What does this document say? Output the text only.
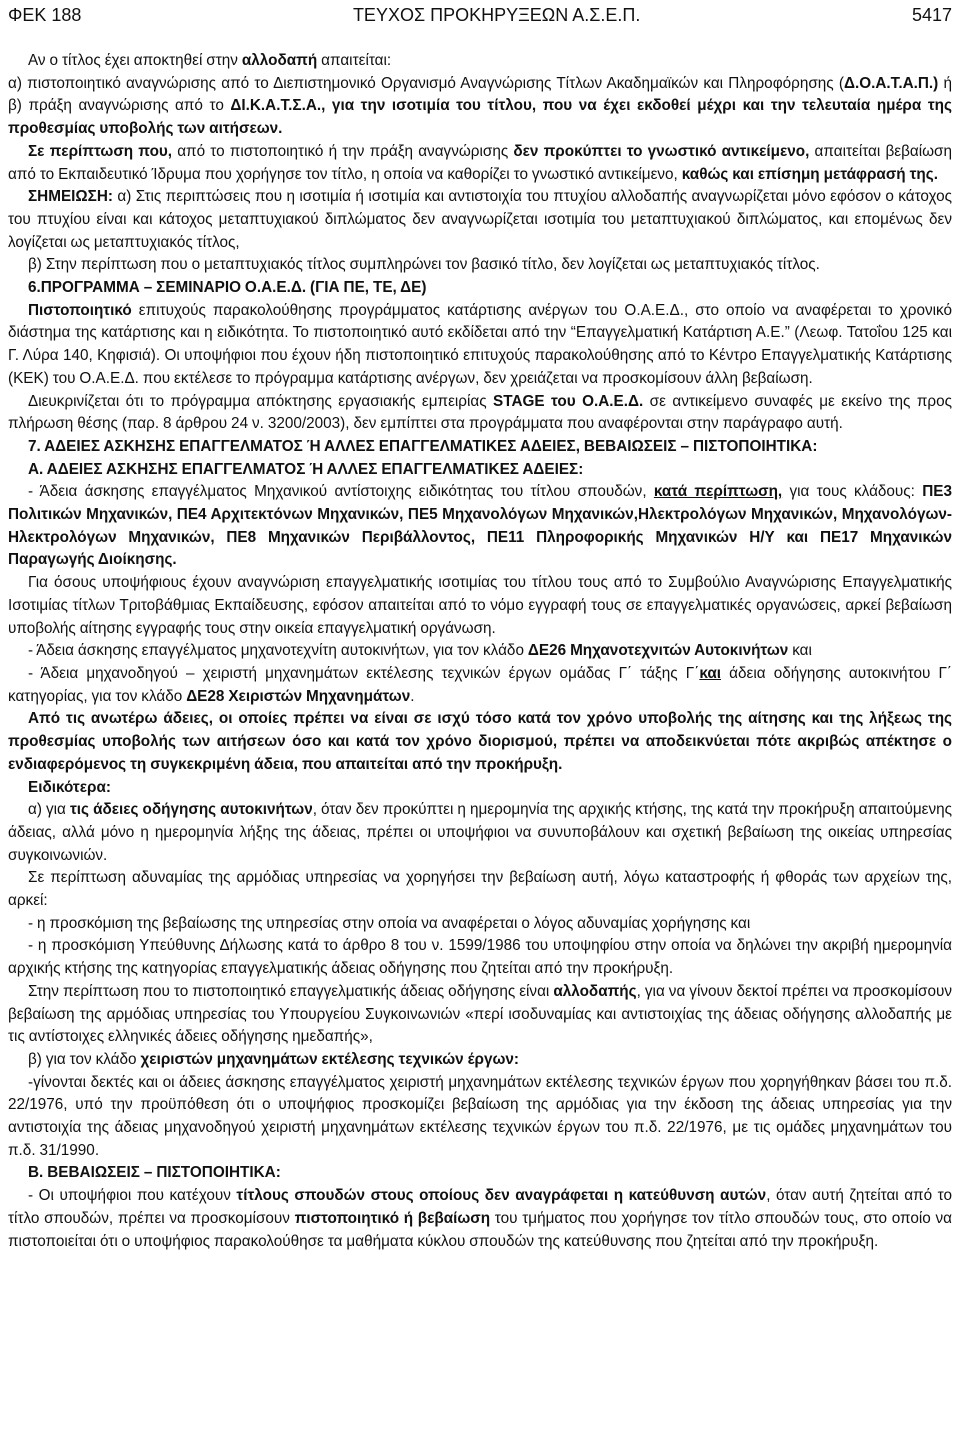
ΦΕΚ 188	ΤΕΥΧΟΣ ΠΡΟΚΗΡΥΞΕΩΝ Α.Σ.Ε.Π.	5417

Αν ο τίτλος έχει αποκτηθεί στην αλλοδαπή απαιτείται:

α) πιστοποιητικό αναγνώρισης από το Διεπιστημονικό Οργανισμό Αναγνώρισης Τίτλων Ακαδημαϊκών και Πληροφόρησης (Δ.Ο.Α.Τ.Α.Π.) ή β) πράξη αναγνώρισης από το ΔΙ.Κ.Α.Τ.Σ.Α., για την ισοτιμία του τίτλου, που να έχει εκδοθεί μέχρι και την τελευταία ημέρα της προθεσμίας υποβολής των αιτήσεων.

Σε περίπτωση που, από το πιστοποιητικό ή την πράξη αναγνώρισης δεν προκύπτει το γνωστικό αντικείμενο, απαιτείται βεβαίωση από το Εκπαιδευτικό Ίδρυμα που χορήγησε τον τίτλο, η οποία να καθορίζει το γνωστικό αντικείμενο, καθώς και επίσημη μετάφρασή της.

ΣΗΜΕΙΩΣΗ: α) Στις περιπτώσεις που η ισοτιμία ή ισοτιμία και αντιστοιχία του πτυχίου αλλοδαπής αναγνωρίζεται μόνο εφόσον ο κάτοχος του πτυχίου είναι και κάτοχος μεταπτυχιακού διπλώματος δεν αναγνωρίζεται ισοτιμία του μεταπτυχιακού διπλώματος, και επομένως δεν λογίζεται ως μεταπτυχιακός τίτλος,

β) Στην περίπτωση που ο μεταπτυχιακός τίτλος συμπληρώνει τον βασικό τίτλο, δεν λογίζεται ως μεταπτυχιακός τίτλος.

6.ΠΡΟΓΡΑΜΜΑ – ΣΕΜΙΝΑΡΙΟ Ο.Α.Ε.Δ. (ΓΙΑ ΠΕ, ΤΕ, ΔΕ)

Πιστοποιητικό επιτυχούς παρακολούθησης προγράμματος κατάρτισης ανέργων του Ο.Α.Ε.Δ., στο οποίο να αναφέρεται το χρονικό διάστημα της κατάρτισης και η ειδικότητα. Το πιστοποιητικό αυτό εκδίδεται από την “Επαγγελματική Κατάρτιση Α.Ε.” (Λεωφ. Τατοΐου 125 και Γ. Λύρα 140, Κηφισιά). Οι υποψήφιοι που έχουν ήδη πιστοποιητικό επιτυχούς παρακολούθησης από το Κέντρο Επαγγελματικής Κατάρτισης (ΚΕΚ) του Ο.Α.Ε.Δ. που εκτέλεσε το πρόγραμμα κατάρτισης ανέργων, δεν χρειάζεται να προσκομίσουν άλλη βεβαίωση.

Διευκρινίζεται ότι το πρόγραμμα απόκτησης εργασιακής εμπειρίας STAGE του Ο.Α.Ε.Δ. σε αντικείμενο συναφές με εκείνο της προς πλήρωση θέσης (παρ. 8 άρθρου 24 ν. 3200/2003), δεν εμπίπτει στα προγράμματα που αναφέρονται στην παράγραφο αυτή.

7. ΑΔΕΙΕΣ ΑΣΚΗΣΗΣ ΕΠΑΓΓΕΛΜΑΤΟΣ Ή ΑΛΛΕΣ ΕΠΑΓΓΕΛΜΑΤΙΚΕΣ ΑΔΕΙΕΣ, ΒΕΒΑΙΩΣΕΙΣ – ΠΙΣΤΟΠΟΙΗΤΙΚΑ:

Α. ΑΔΕΙΕΣ ΑΣΚΗΣΗΣ ΕΠΑΓΓΕΛΜΑΤΟΣ Ή ΑΛΛΕΣ ΕΠΑΓΓΕΛΜΑΤΙΚΕΣ ΑΔΕΙΕΣ:

- Άδεια άσκησης επαγγέλματος Μηχανικού αντίστοιχης ειδικότητας του τίτλου σπουδών, κατά περίπτωση, για τους κλάδους: ΠΕ3 Πολιτικών Μηχανικών, ΠΕ4 Αρχιτεκτόνων Μηχανικών, ΠΕ5 Μηχανολόγων Μηχανικών,Ηλεκτρολόγων Μηχανικών, Μηχανολόγων-Ηλεκτρολόγων Μηχανικών, ΠΕ8 Μηχανικών Περιβάλλοντος, ΠΕ11 Πληροφορικής Μηχανικών Η/Υ και ΠΕ17 Μηχανικών Παραγωγής Διοίκησης.

Για όσους υποψήφιους έχουν αναγνώριση επαγγελματικής ισοτιμίας του τίτλου τους από το Συμβούλιο Αναγνώρισης Επαγγελματικής Ισοτιμίας τίτλων Τριτοβάθμιας Εκπαίδευσης, εφόσον απαιτείται από το νόμο εγγραφή τους σε επαγγελματικές οργανώσεις, αρκεί βεβαίωση υποβολής αίτησης εγγραφής τους στην οικεία επαγγελματική οργάνωση.

- Άδεια άσκησης επαγγέλματος μηχανοτεχνίτη αυτοκινήτων, για τον κλάδο ΔΕ26 Μηχανοτεχνιτών Αυτοκινήτων και

- Άδεια μηχανοδηγού – χειριστή μηχανημάτων εκτέλεσης τεχνικών έργων ομάδας Γ΄ τάξης Γ΄και άδεια οδήγησης αυτοκινήτου Γ΄ κατηγορίας, για τον κλάδο ΔΕ28 Χειριστών Μηχανημάτων.

Από τις ανωτέρω άδειες, οι οποίες πρέπει να είναι σε ισχύ τόσο κατά τον χρόνο υποβολής της αίτησης και της λήξεως της προθεσμίας υποβολής των αιτήσεων όσο και κατά τον χρόνο διορισμού, πρέπει να αποδεικνύεται πότε ακριβώς απέκτησε ο ενδιαφερόμενος τη συγκεκριμένη άδεια, που απαιτείται από την προκήρυξη.

Ειδικότερα:

α) για τις άδειες οδήγησης αυτοκινήτων, όταν δεν προκύπτει η ημερομηνία της αρχικής κτήσης, της κατά την προκήρυξη απαιτούμενης άδειας, αλλά μόνο η ημερομηνία λήξης της άδειας, πρέπει οι υποψήφιοι να συνυποβάλουν και σχετική βεβαίωση της οικείας υπηρεσίας συγκοινωνιών.

Σε περίπτωση αδυναμίας της αρμόδιας υπηρεσίας να χορηγήσει την βεβαίωση αυτή, λόγω καταστροφής ή φθοράς των αρχείων της, αρκεί:

- η προσκόμιση της βεβαίωσης της υπηρεσίας στην οποία να αναφέρεται ο λόγος αδυναμίας χορήγησης και

- η προσκόμιση Υπεύθυνης Δήλωσης κατά το άρθρο 8 του ν. 1599/1986 του υποψηφίου στην οποία να δηλώνει την ακριβή ημερομηνία αρχικής κτήσης της κατηγορίας επαγγελματικής άδειας οδήγησης που ζητείται από την προκήρυξη.

Στην περίπτωση που το πιστοποιητικό επαγγελματικής άδειας οδήγησης είναι αλλοδαπής, για να γίνουν δεκτοί πρέπει να προσκομίσουν βεβαίωση της αρμόδιας υπηρεσίας του Υπουργείου Συγκοινωνιών «περί ισοδυναμίας και αντιστοιχίας της άδειας οδήγησης αλλοδαπής με τις αντίστοιχες ελληνικές άδειες οδήγησης ημεδαπής»,

β) για τον κλάδο χειριστών μηχανημάτων εκτέλεσης τεχνικών έργων:

-γίνονται δεκτές και οι άδειες άσκησης επαγγέλματος χειριστή μηχανημάτων εκτέλεσης τεχνικών έργων που χορηγήθηκαν βάσει του π.δ. 22/1976, υπό την προϋπόθεση ότι ο υποψήφιος προσκομίζει βεβαίωση της αρμόδιας για την έκδοση της άδειας υπηρεσίας για την αντιστοιχία της άδειας μηχανοδηγού χειριστή μηχανημάτων εκτέλεσης τεχνικών έργων του π.δ. 22/1976, με τις ομάδες μηχανημάτων του π.δ. 31/1990.

Β. ΒΕΒΑΙΩΣΕΙΣ – ΠΙΣΤΟΠΟΙΗΤΙΚΑ:

- Οι υποψήφιοι που κατέχουν τίτλους σπουδών στους οποίους δεν αναγράφεται η κατεύθυνση αυτών, όταν αυτή ζητείται από το τίτλο σπουδών, πρέπει να προσκομίσουν πιστοποιητικό ή βεβαίωση του τμήματος που χορήγησε τον τίτλο σπουδών τους, στο οποίο να πιστοποιείται ότι ο υποψήφιος παρακολούθησε τα μαθήματα κύκλου σπουδών της κατεύθυνσης που ζητείται από την προκήρυξη.
